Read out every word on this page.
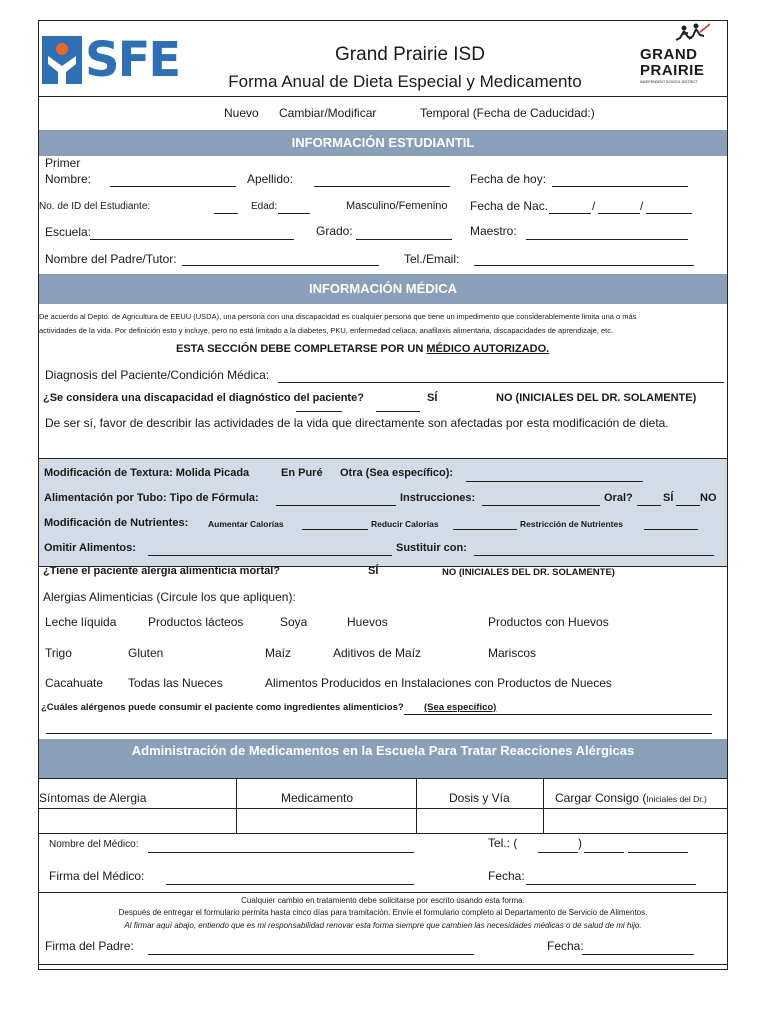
SFE	Grand Prairie ISD
Forma Anual de Dieta Especial y Medicamento
GRAND
PRAIRIE
INDEPENDENT SCHOOL DISTRICT
Nuevo Cambiar/Modificar	Temporal (Fecha de Caducidad:)
INFORMACIÓN ESTUDIANTIL
Primer
Nombre:	Apellido:	Fecha de hoy:
No. de ID del Estudiante:	Edad:	Masculino/Femenino Fecha de Nac.	/	/
Escuela:	Grado:	Maestro:
Nombre del Padre/Tutor:	Tel./Email:
INFORMACIÓN MÉDICA
De acuerdo al Depto. de Agricultura de EEUU (USDA), una persona con una discapacidad es cualquier persona que tiene un impedimento que considerablemente limita una o más
actividades de la vida. Por definición esto y incluye, pero no está limitado a la diabetes, PKU, enfermedad celiaca, anafilaxis alimentaria, discapacidades de aprendizaje, etc.
ESTA SECCIÓN DEBE COMPLETARSE POR UN MÉDICO AUTORIZADO.
Diagnosis del Paciente/Condición Médica:
¿Se considera una discapacidad el diagnóstico del paciente?	SÍ	NO (INICIALES DEL DR. SOLAMENTE)
De ser sí, favor de describir las actividades de la vida que directamente son afectadas por esta modificación de dieta.
Modificación de Textura: Molida Picada	En Puré Otra (Sea específico):
Alimentación por Tubo: Tipo de Fórmula:	Instrucciones:	Oral?	SÍ NO
Modificación de Nutrientes: Aumentar Calorías	Reducir Calorías	Restricción de Nutrientes
Omitir Alimentos:	Sustituir con:
¿Tiene el paciente alergia alimenticia mortal?	SÍ	NO (INICIALES DEL DR. SOLAMENTE)
Alergias Alimenticias (Circule los que apliquen):
Leche líquida	Productos lácteos	Soya	Huevos	Productos con Huevos
Trigo	Gluten	Maíz	Aditivos de Maíz	Mariscos
Cacahuate Todas las Nueces	Alimentos Producidos en Instalaciones con Productos de Nueces
¿Cuáles alérgenos puede consumir el paciente como ingredientes alimenticios? (Sea específico)
Administración de Medicamentos en la Escuela Para Tratar Reacciones Alérgicas
Síntomas de Alergia	Medicamento	Dosis y Vía	Cargar Consigo (Iniciales del Dr.)
Nombre del Médico:	Tel.: (	)
Firma del Médico:	Fecha:
Cualquier cambio en tratamiento debe solicitarse por escrito usando esta forma.
Después de entregar el formulario permita hasta cinco días para tramitación. Envíe el formulario completo al Departamento de Servicio de Alimentos.
Al firmar aquí abajo, entiendo que es mi responsabilidad renovar esta forma siempre que cambien las necesidades médicas o de salud de mi hijo.
Firma del Padre:	Fecha:
